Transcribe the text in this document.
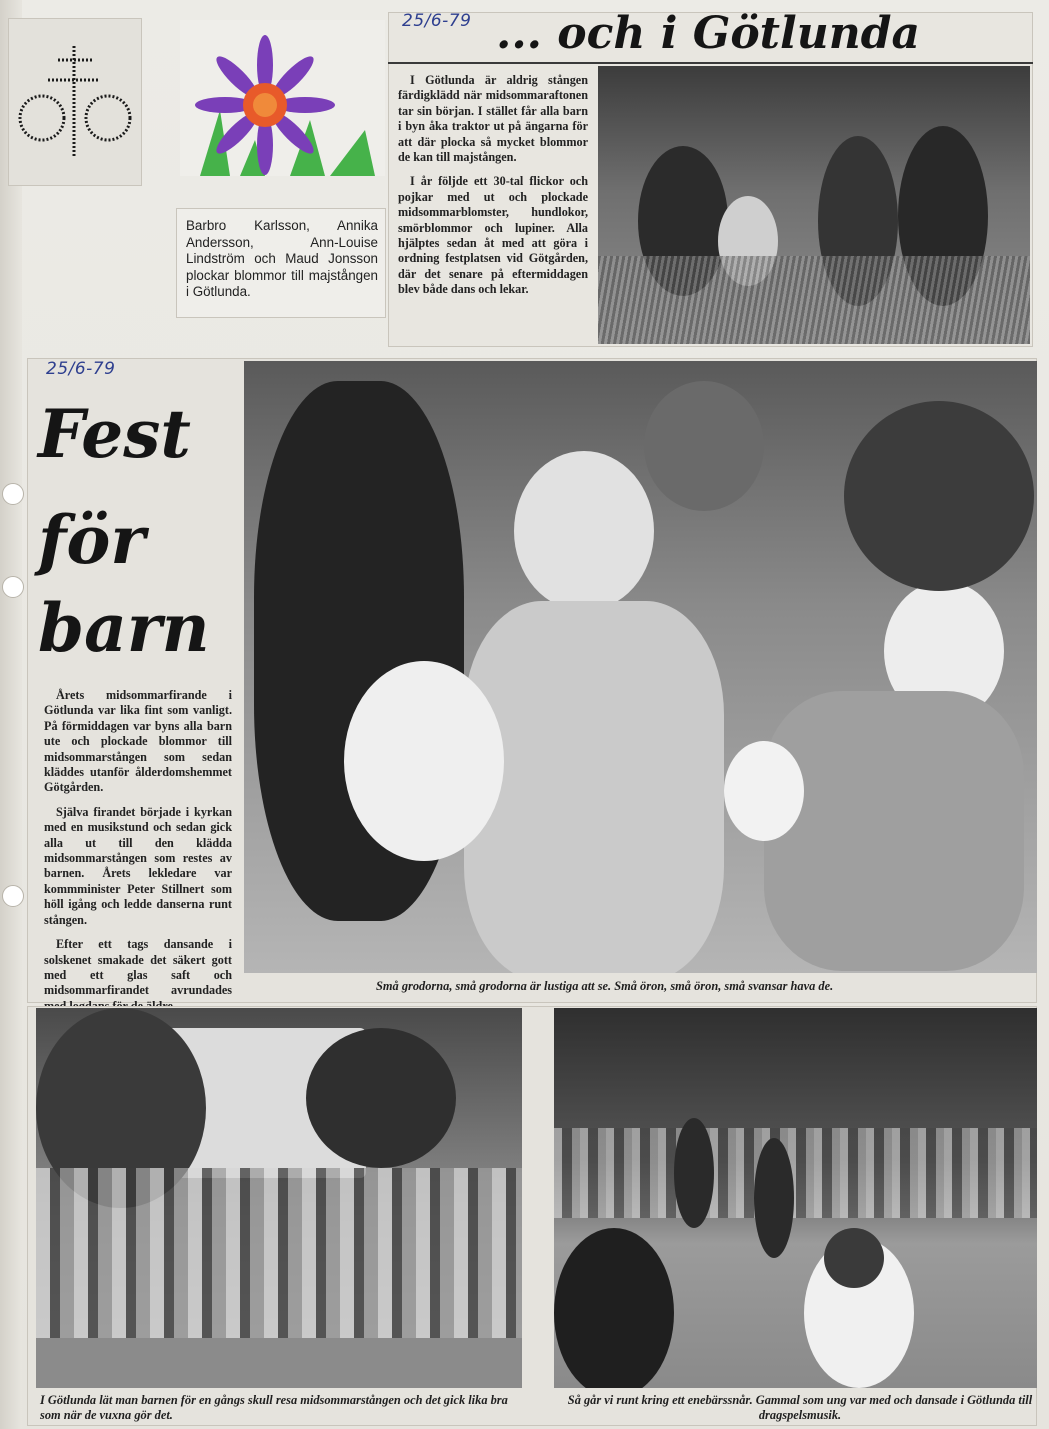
Barbro Karlsson, Annika Andersson, Ann-Louise Lindström och Maud Jonsson plockar blommor till majstången i Götlunda.
25/6-79 ... och i Götlunda

I Götlunda är aldrig stången färdigklädd när midsommaraftonen tar sin början. I stället får alla barn i byn åka traktor ut på ängarna för att där plocka så mycket blommor de kan till majstången.

I år följde ett 30-tal flickor och pojkar med ut och plockade midsommarblomster, hundlokor, smörblommor och lupiner. Alla hjälptes sedan åt med att göra i ordning festplatsen vid Götgården, där det senare på eftermiddagen blev både dans och lekar.

25/6-79
Fest
för
barn

Årets midsommarfirande i Götlunda var lika fint som vanligt. På förmiddagen var byns alla barn ute och plockade blommor till midsommarstången som sedan kläddes utanför ålderdomshemmet Götgården.

Själva firandet började i kyrkan med en musikstund och sedan gick alla ut till den klädda midsommarstången som restes av barnen. Årets lekledare var kommminister Peter Stillnert som höll igång och ledde danserna runt stången.

Efter ett tags dansande i solskenet smakade det säkert gott med ett glas saft och midsommarfirandet avrundades	Små grodorna, små grodorna är lustiga att se. Små öron, små öron, små svansar hava de.
I Götlunda lät man barnen för en gångs skull resa midsommarstången och det gick lika bra som när de vuxna gör det.
Så går vi runt kring ett enebärssnår. Gammal som ung var med och dansade i Götlunda till dragspelsmusik.
